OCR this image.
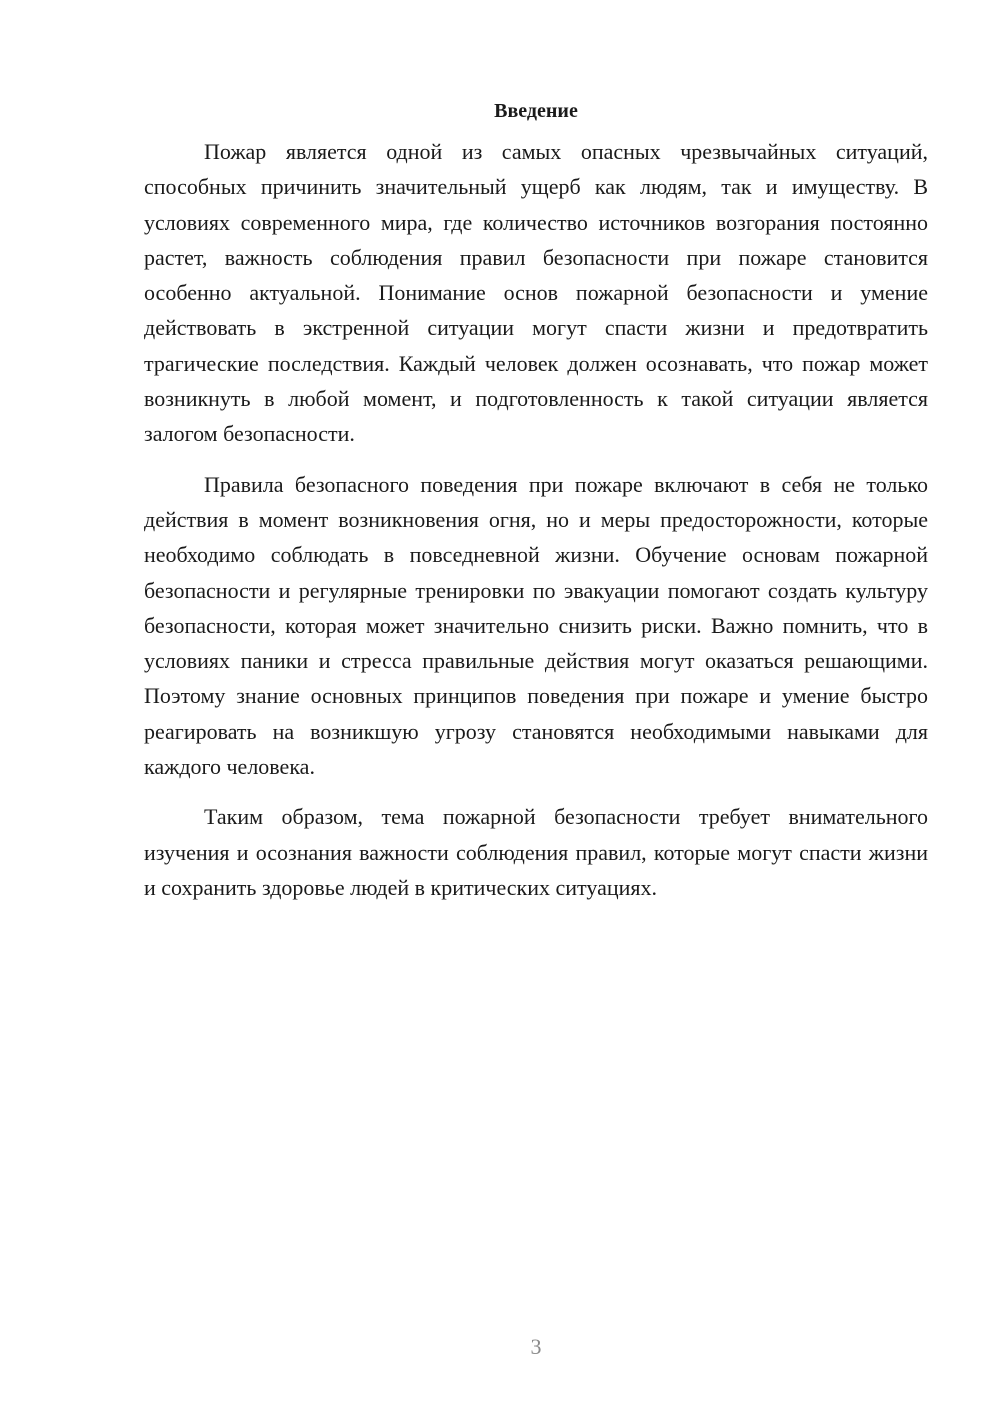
Введение

Пожар является одной из самых опасных чрезвычайных ситуаций, способных причинить значительный ущерб как людям, так и имуществу. В условиях современного мира, где количество источников возгорания постоянно растет, важность соблюдения правил безопасности при пожаре становится особенно актуальной. Понимание основ пожарной безопасности и умение действовать в экстренной ситуации могут спасти жизни и предотвратить трагические последствия. Каждый человек должен осознавать, что пожар может возникнуть в любой момент, и подготовленность к такой ситуации является залогом безопасности.

Правила безопасного поведения при пожаре включают в себя не только действия в момент возникновения огня, но и меры предосторожности, которые необходимо соблюдать в повседневной жизни. Обучение основам пожарной безопасности и регулярные тренировки по эвакуации помогают создать культуру безопасности, которая может значительно снизить риски. Важно помнить, что в условиях паники и стресса правильные действия могут оказаться решающими. Поэтому знание основных принципов поведения при пожаре и умение быстро реагировать на возникшую угрозу становятся необходимыми навыками для каждого человека.

Таким образом, тема пожарной безопасности требует внимательного изучения и осознания важности соблюдения правил, которые могут спасти жизни и сохранить здоровье людей в критических ситуациях.

3
